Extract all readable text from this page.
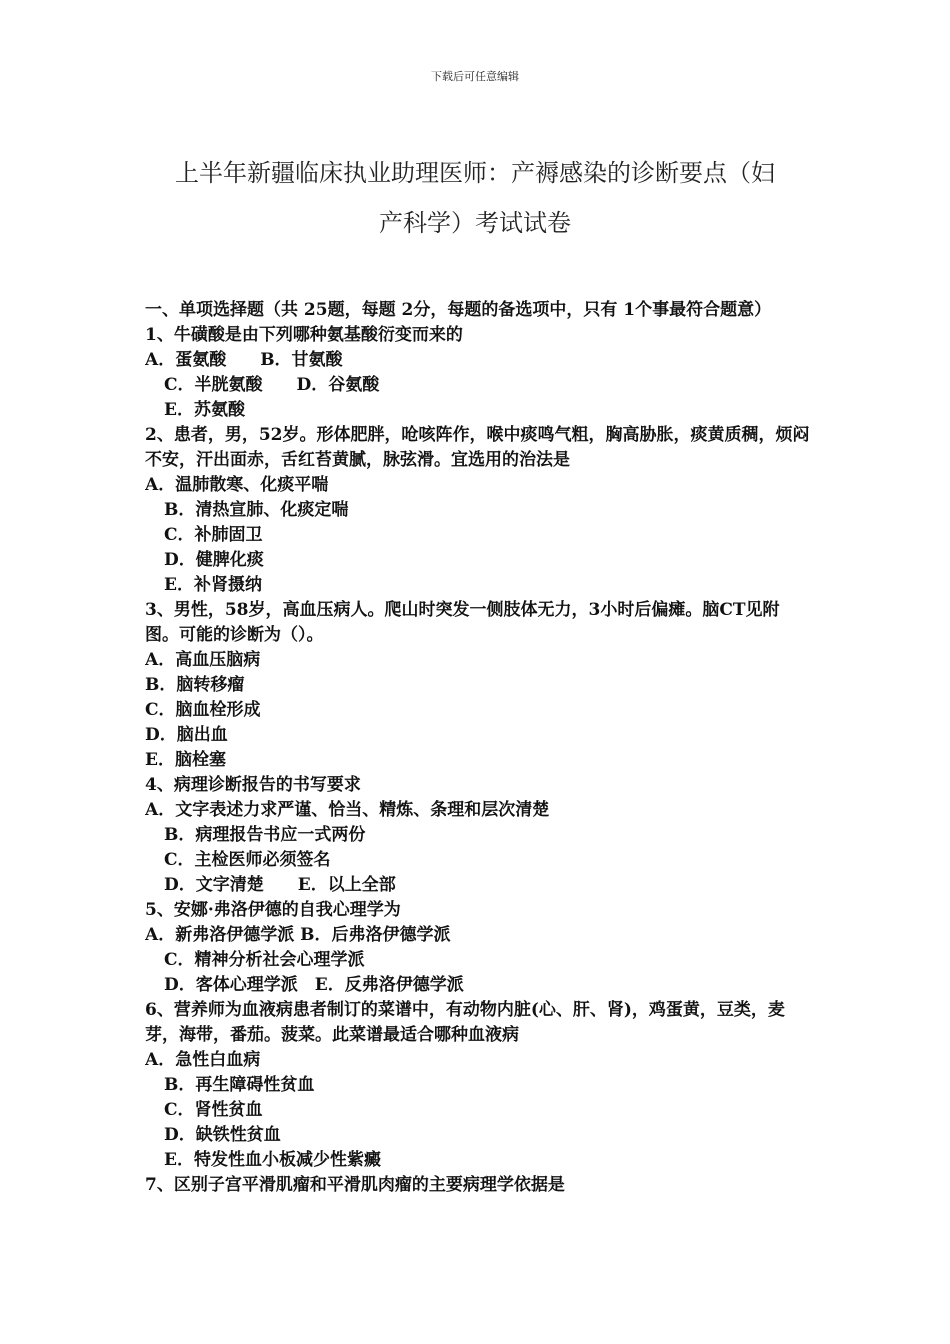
下载后可任意编辑
上半年新疆临床执业助理医师：产褥感染的诊断要点（妇
产科学）考试试卷
一、单项选择题（共 25题，每题 2分，每题的备选项中，只有 1个事最符合题意）
1、牛磺酸是由下列哪种氨基酸衍变而来的
A．蛋氨酸　　B．甘氨酸
C．半胱氨酸　　D．谷氨酸
E．苏氨酸
2、患者，男，52岁。形体肥胖，呛咳阵作，喉中痰鸣气粗，胸高胁胀，痰黄质稠，烦闷不安，汗出面赤，舌红苔黄腻，脉弦滑。宜选用的治法是
A．温肺散寒、化痰平喘
B．清热宣肺、化痰定喘
C．补肺固卫
D．健脾化痰
E．补肾摄纳
3、男性，58岁，高血压病人。爬山时突发一侧肢体无力，3小时后偏瘫。脑CT见附图。可能的诊断为（）。
A．高血压脑病
B．脑转移瘤
C．脑血栓形成
D．脑出血
E．脑栓塞
4、病理诊断报告的书写要求
A．文字表述力求严谨、恰当、精炼、条理和层次清楚
B．病理报告书应一式两份
C．主检医师必须签名
D．文字清楚　　E．以上全部
5、安娜·弗洛伊德的自我心理学为
A．新弗洛伊德学派 B．后弗洛伊德学派
C．精神分析社会心理学派
D．客体心理学派　E．反弗洛伊德学派
6、营养师为血液病患者制订的菜谱中，有动物内脏(心、肝、肾)，鸡蛋黄，豆类，麦芽，海带，番茄。菠菜。此菜谱最适合哪种血液病
A．急性白血病
B．再生障碍性贫血
C．肾性贫血
D．缺铁性贫血
E．特发性血小板减少性紫癜
7、区别子宫平滑肌瘤和平滑肌肉瘤的主要病理学依据是
